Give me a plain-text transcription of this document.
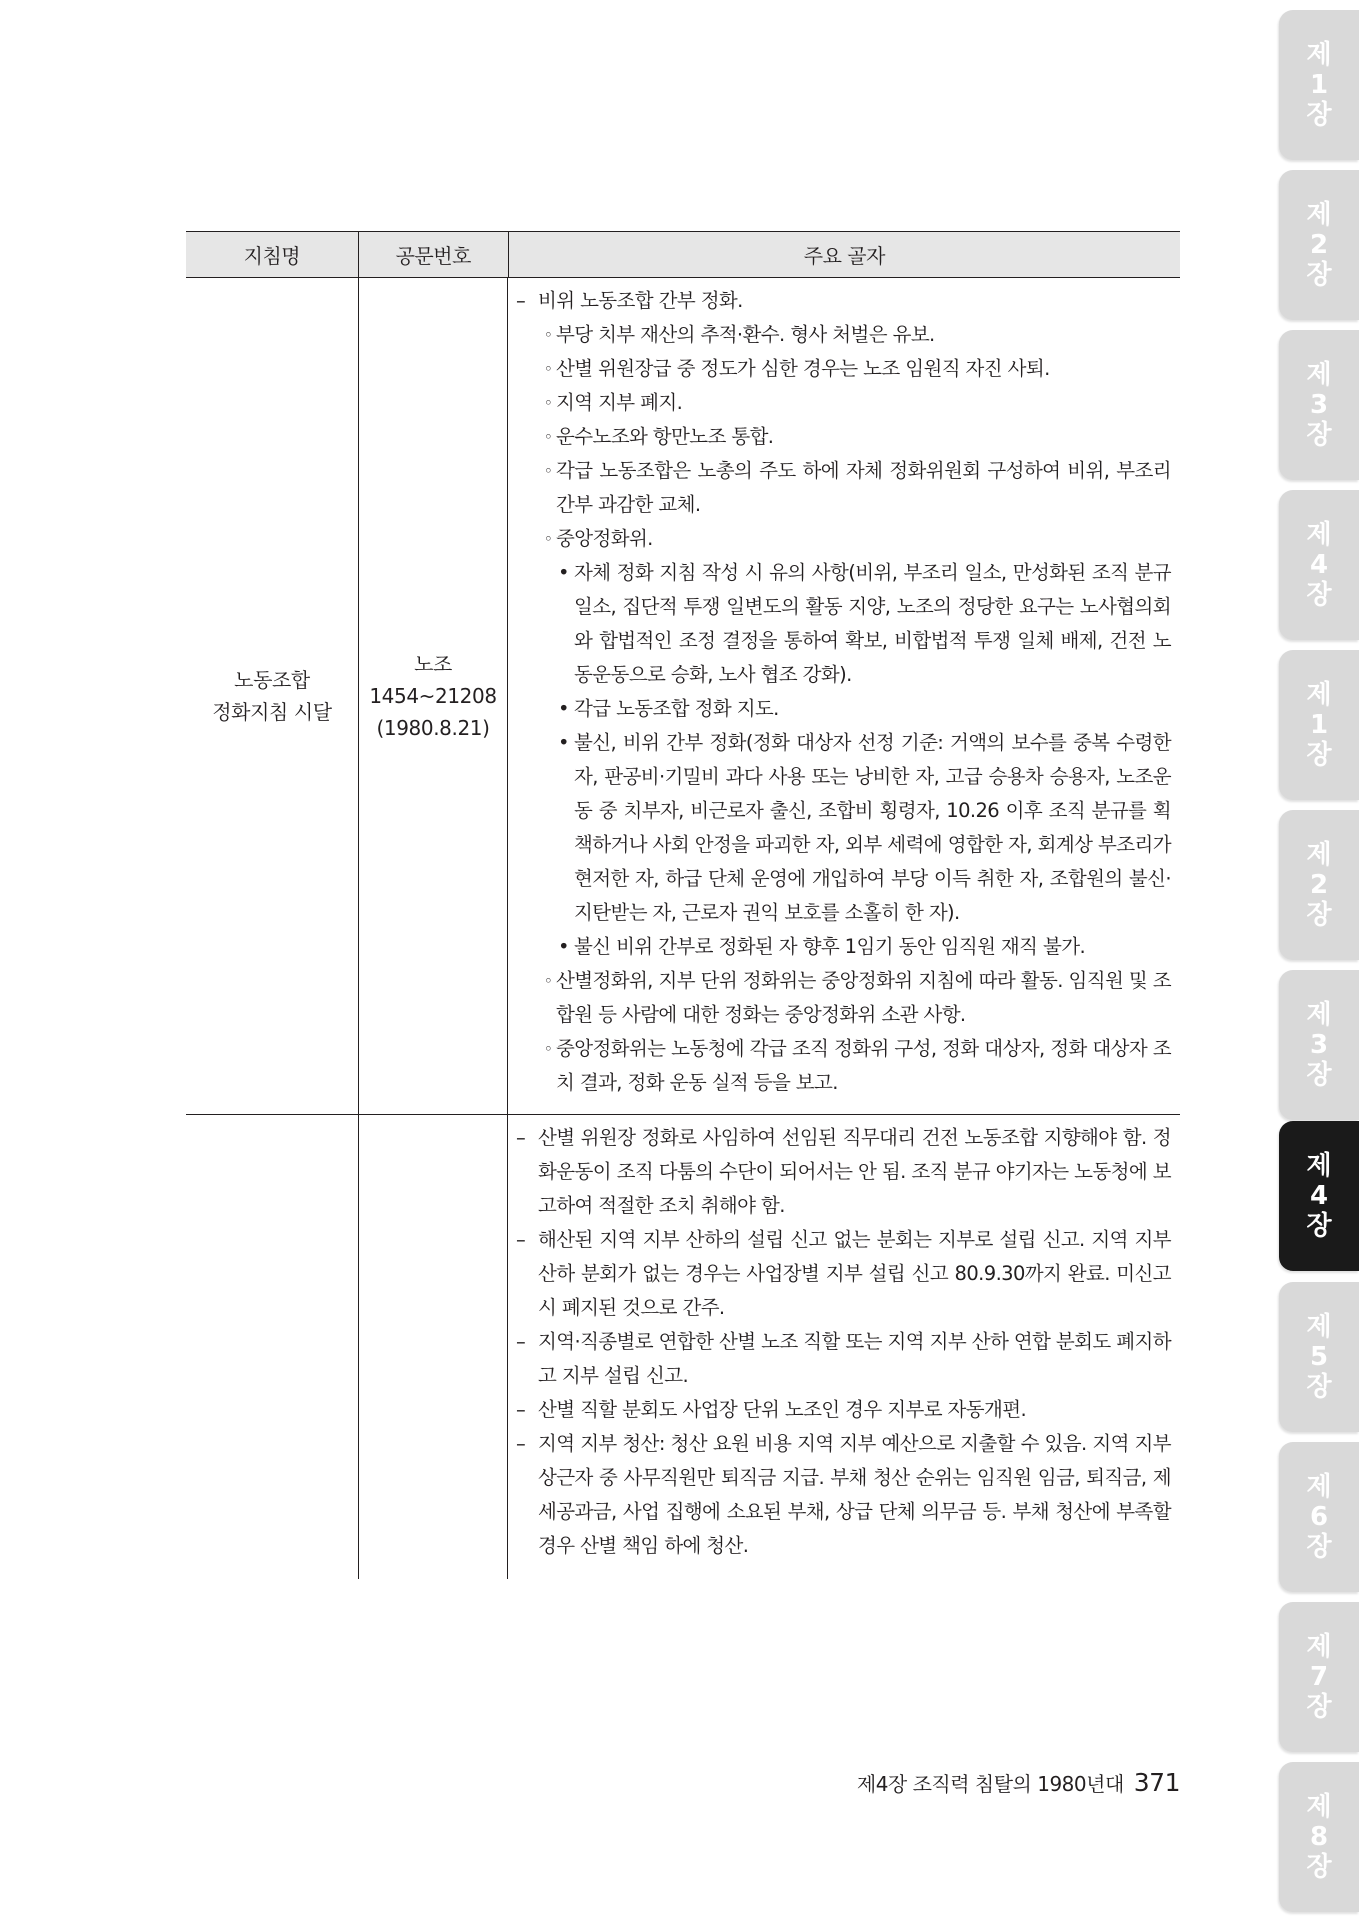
지침명	공문번호	주요 골자
노동조합
정화지침 시달
노조
1454~21208
(1980.8.21)
– 비위 노동조합 간부 정화.
◦ 부당 치부 재산의 추적·환수. 형사 처벌은 유보.
◦ 산별 위원장급 중 정도가 심한 경우는 노조 임원직 자진 사퇴.
◦ 지역 지부 폐지.
◦ 운수노조와 항만노조 통합.
◦ 각급 노동조합은 노총의 주도 하에 자체 정화위원회 구성하여 비위, 부조리 간부 과감한 교체.
◦ 중앙정화위.
• 자체 정화 지침 작성 시 유의 사항(비위, 부조리 일소, 만성화된 조직 분규 일소, 집단적 투쟁 일변도의 활동 지양, 노조의 정당한 요구는 노사협의회와 합법적인 조정 결정을 통하여 확보, 비합법적 투쟁 일체 배제, 건전 노동운동으로 승화, 노사 협조 강화).
• 각급 노동조합 정화 지도.
• 불신, 비위 간부 정화(정화 대상자 선정 기준: 거액의 보수를 중복 수령한 자, 판공비·기밀비 과다 사용 또는 낭비한 자, 고급 승용차 승용자, 노조운동 중 치부자, 비근로자 출신, 조합비 횡령자, 10.26 이후 조직 분규를 획책하거나 사회 안정을 파괴한 자, 외부 세력에 영합한 자, 회계상 부조리가 현저한 자, 하급 단체 운영에 개입하여 부당 이득 취한 자, 조합원의 불신·지탄받는 자, 근로자 권익 보호를 소홀히 한 자).
• 불신 비위 간부로 정화된 자 향후 1임기 동안 임직원 재직 불가.
◦ 산별정화위, 지부 단위 정화위는 중앙정화위 지침에 따라 활동. 임직원 및 조합원 등 사람에 대한 정화는 중앙정화위 소관 사항.
◦ 중앙정화위는 노동청에 각급 조직 정화위 구성, 정화 대상자, 정화 대상자 조치 결과, 정화 운동 실적 등을 보고.
– 산별 위원장 정화로 사임하여 선임된 직무대리 건전 노동조합 지향해야 함. 정화운동이 조직 다툼의 수단이 되어서는 안 됨. 조직 분규 야기자는 노동청에 보고하여 적절한 조치 취해야 함.
– 해산된 지역 지부 산하의 설립 신고 없는 분회는 지부로 설립 신고. 지역 지부 산하 분회가 없는 경우는 사업장별 지부 설립 신고 80.9.30까지 완료. 미신고 시 폐지된 것으로 간주.
– 지역·직종별로 연합한 산별 노조 직할 또는 지역 지부 산하 연합 분회도 폐지하고 지부 설립 신고.
– 산별 직할 분회도 사업장 단위 노조인 경우 지부로 자동개편.
– 지역 지부 청산: 청산 요원 비용 지역 지부 예산으로 지출할 수 있음. 지역 지부 상근자 중 사무직원만 퇴직금 지급. 부채 청산 순위는 임직원 임금, 퇴직금, 제세공과금, 사업 집행에 소요된 부채, 상급 단체 의무금 등. 부채 청산에 부족할 경우 산별 책임 하에 청산.
제4장 조직력 침탈의 1980년대 371
제
1
장
제
2
장
제
3
장
제
4
장
제
1
장
제
2
장
제
3
장
제
4
장
제
5
장
제
6
장
제
7
장
제
8
장
